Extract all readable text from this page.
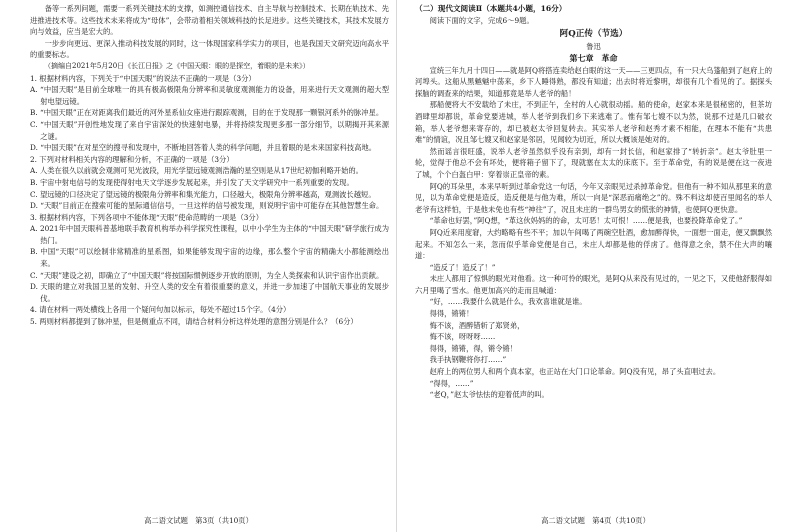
备等一系列问题，需要一系列关键技术的支撑，如测控通信技术、自主导航与控制技术、长期在轨技术、先进推进技术等。这些技术未来将成为“母体”，会带动着相关领域科技的长足进步。这些关键技术，其技术发展方向与效益，应当是宏大的。

一步步向更远、更深入推动科技发展的同时，这一体现国家科学实力的项目，也是我国天文研究迈向高水平的重要标志。

（摘编自2021年5月20日《长江日报》之《中国天眼：眼的是探空，着眼的是未来》）

1. 根据材料内容，下列关于“中国天眼”的说法不正确的一项是（3分）

A. “中国天眼”是目前全球唯一的具有极高极限角分辨率和灵敏度观测能力的设备，用来进行天文观测的超大型射电望远镜。

B. “中国天眼”正在对距离我们最近的河外星系仙女座进行跟踪观测，目的在于发现那一颗银河系外的脉冲星。

C. “中国天眼”开创性地发现了来自宇宙深处的快速射电暴，并将持续发现更多那一部分细节，以期揭开其来源之谜。

D. “中国天眼”在对星空的搜寻和发现中，不断地回答着人类的科学问题，并且着眼的是未来国家科技高地。

2. 下列对材料相关内容的理解和分析，不正确的一项是（3分）

A. 人类在很久以前就会观测可见光波段，用光学望远镜观测浩瀚的星空则是从17世纪初伽利略开始的。

B. 宇宙中射电信号的发现使得射电天文学逐步发展起来，并引发了天文学研究中一系列重要的发现。

C. 望远镜的口径决定了望远镜的极限角分辨率和集光能力，口径越大，极限角分辨率越高，观测波长越短。

D. “天眼”目前正在搜索可能的星际通信信号，一旦这样的信号被发现，则说明宇宙中可能存在其他智慧生命。

3. 根据材料内容，下列各项中不能体现“天眼”使命范畴的一项是（3分）

A. 2021年中国天眼科普基地联手教育机构举办科学探究性课程，以中小学生为主体的“中国天眼”研学旅行成为热门。

B. 中国“天眼”可以绘制非常精准的星系图，如果能够发现宇宙的边缘，那么整个宇宙的精确大小都能测绘出来。

C. “天眼”建设之初，即确立了“中国天眼”将按国际惯例逐步开放的原则，为全人类探索和认识宇宙作出贡献。

D. 天眼的建立对我国卫星的发射、升空人类的安全有着很重要的意义，并进一步加速了中国航天事业的发展步伐。

4. 请在材料一两处横线上各用一个疑问句加以标示，每处不超过15个字。（4分）

5. 两则材料都提到了脉冲星，但是侧重点不同，请结合材料分析这样处理的意图分别是什么？（6分）

（二）现代文阅读Ⅱ（本题共4小题，16分）

阅读下面的文字，完成6～9题。

阿Q正传（节选）
鲁迅
第七章　革命

宣统三年九月十四日——就是阿Q将搭连卖给赵白眼的这一天——三更四点，有一只大乌篷船到了赵府上的河埠头。这船从黑魆魆中荡来，乡下人睡得熟，都没有知道；出去时将近黎明，却很有几个看见的了。据探头探脑的调查来的结果，知道那竟是举人老爷的船！

那船便将大不安载给了未庄，不到正午，全村的人心就很动摇。船的使命，赵家本来是很秘密的，但茶坊酒肆里却都说，革命党要进城，举人老爷到我们乡下来逃难了。惟有邹七嫂不以为然，说那不过是几口破衣箱，举人老爷想来寄存的，却已被赵太爷回复转去。其实举人老爷和赵秀才素不相能，在理本不能有“共患难”的情谊，况且邹七嫂又和赵家是邻居，见闻较为切近，所以大概该是她对的。

然而谣言很旺盛，说举人老爷虽然似乎没有亲到，却有一封长信，和赵家排了“转折亲”。赵太爷肚里一轮，觉得于他总不会有坏处，便将箱子留下了，现就塞在太太的床底下。至于革命党，有的说是便在这一夜进了城，个个白盔白甲：穿着崇正皇帝的素。

阿Q的耳朵里，本来早听到过革命党这一句话，今年又亲眼见过杀掉革命党。但他有一种不知从那里来的意见，以为革命党便是造反，造反便是与他为难，所以一向是“深恶而痛绝之”的。殊不料这却使百里闻名的举人老爷有这样怕，于是他未免也有些“神往”了，况且未庄的一群鸟男女的慌张的神情，也使阿Q更快意。

“革命也好罢，”阿Q想，“革这伙妈妈的的命，太可恶！太可恨！……便是我，也要投降革命党了。”

阿Q近来用度窘，大约略略有些不平；加以午间喝了两碗空肚酒，愈加醉得快，一面想一面走，便又飘飘然起来。不知怎么一来，忽而似乎革命党便是自己，未庄人却都是他的俘虏了。他得意之余，禁不住大声的嚷道：

“造反了！造反了！”

未庄人都用了惊惧的眼光对他看。这一种可怜的眼光，是阿Q从来没有见过的，一见之下，又使他舒服得如六月里喝了雪水。他更加高兴的走而且喊道：

“好，……我要什么就是什么，我欢喜谁就是谁。

得得，锵锵！

悔不该，酒醉错斩了郑贤弟，

悔不该，呀呀呀……

得得，锵锵，得，锵令锵！

我手执钢鞭将你打……”

赵府上的两位男人和两个真本家，也正站在大门口论革命。阿Q没有见，昂了头直唱过去。

“得得，……”

“老Q，”赵太爷怯怯的迎着低声的叫。

高二语文试题　第3页（共10页）	高二语文试题　第4页（共10页）
